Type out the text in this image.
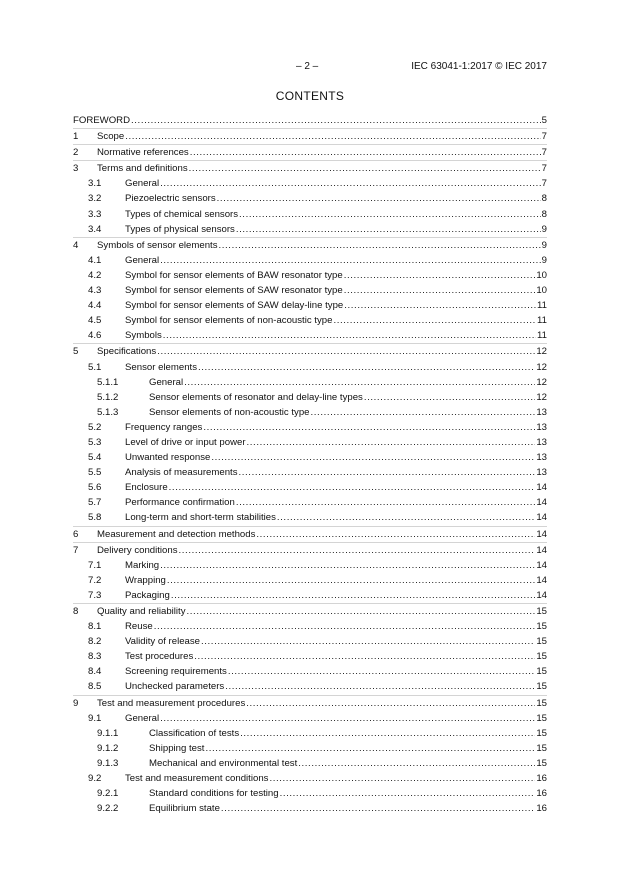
– 2 –	IEC 63041-1:2017 © IEC 2017
CONTENTS
FOREWORD .....	5
1 Scope .....	7
2 Normative references .....	7
3 Terms and definitions .....	7
3.1 General .....	7
3.2 Piezoelectric sensors .....	8
3.3 Types of chemical sensors .....	8
3.4 Types of physical sensors .....	9
4 Symbols of sensor elements .....	9
4.1 General .....	9
4.2 Symbol for sensor elements of BAW resonator type .....	10
4.3 Symbol for sensor elements of SAW resonator type .....	10
4.4 Symbol for sensor elements of SAW delay-line type .....	11
4.5 Symbol for sensor elements of non-acoustic type .....	11
4.6 Symbols .....	11
5 Specifications .....	12
5.1 Sensor elements .....	12
5.1.1	General .....	12
5.1.2	Sensor elements of resonator and delay-line types .....	12
5.1.3	Sensor elements of non-acoustic type .....	13
5.2 Frequency ranges .....	13
5.3 Level of drive or input power .....	13
5.4 Unwanted response .....	13
5.5 Analysis of measurements .....	13
5.6 Enclosure .....	14
5.7 Performance confirmation .....	14
5.8 Long-term and short-term stabilities .....	14
6 Measurement and detection methods .....	14
7 Delivery conditions .....	14
7.1 Marking .....	14
7.2 Wrapping .....	14
7.3 Packaging .....	14
8 Quality and reliability .....	15
8.1 Reuse .....	15
8.2 Validity of release .....	15
8.3 Test procedures .....	15
8.4 Screening requirements .....	15
8.5 Unchecked parameters .....	15
9 Test and measurement procedures .....	15
9.1 General .....	15
9.1.1	Classification of tests .....	15
9.1.2	Shipping test .....	15
9.1.3	Mechanical and environmental test .....	15
9.2 Test and measurement conditions .....	16
9.2.1	Standard conditions for testing .....	16
9.2.2	Equilibrium state .....	16
